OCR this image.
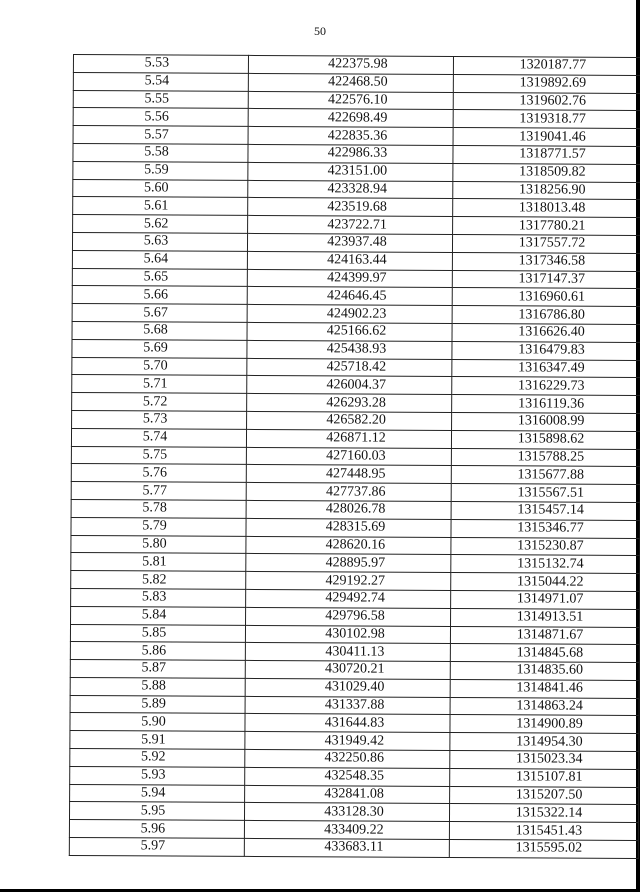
50
5.53	422375.98	1320187.77
5.54	422468.50	1319892.69
5.55	422576.10	1319602.76
5.56	422698.49	1319318.77
5.57	422835.36	1319041.46
5.58	422986.33	1318771.57
5.59	423151.00	1318509.82
5.60	423328.94	1318256.90
5.61	423519.68	1318013.48
5.62	423722.71	1317780.21
5.63	423937.48	1317557.72
5.64	424163.44	1317346.58
5.65	424399.97	1317147.37
5.66	424646.45	1316960.61
5.67	424902.23	1316786.80
5.68	425166.62	1316626.40
5.69	425438.93	1316479.83
5.70	425718.42	1316347.49
5.71	426004.37	1316229.73
5.72	426293.28	1316119.36
5.73	426582.20	1316008.99
5.74	426871.12	1315898.62
5.75	427160.03	1315788.25
5.76	427448.95	1315677.88
5.77	427737.86	1315567.51
5.78	428026.78	1315457.14
5.79	428315.69	1315346.77
5.80	428620.16	1315230.87
5.81	428895.97	1315132.74
5.82	429192.27	1315044.22
5.83	429492.74	1314971.07
5.84	429796.58	1314913.51
5.85	430102.98	1314871.67
5.86	430411.13	1314845.68
5.87	430720.21	1314835.60
5.88	431029.40	1314841.46
5.89	431337.88	1314863.24
5.90	431644.83	1314900.89
5.91	431949.42	1314954.30
5.92	432250.86	1315023.34
5.93	432548.35	1315107.81
5.94	432841.08	1315207.50
5.95	433128.30	1315322.14
5.96	433409.22	1315451.43
5.97	433683.11	1315595.02
